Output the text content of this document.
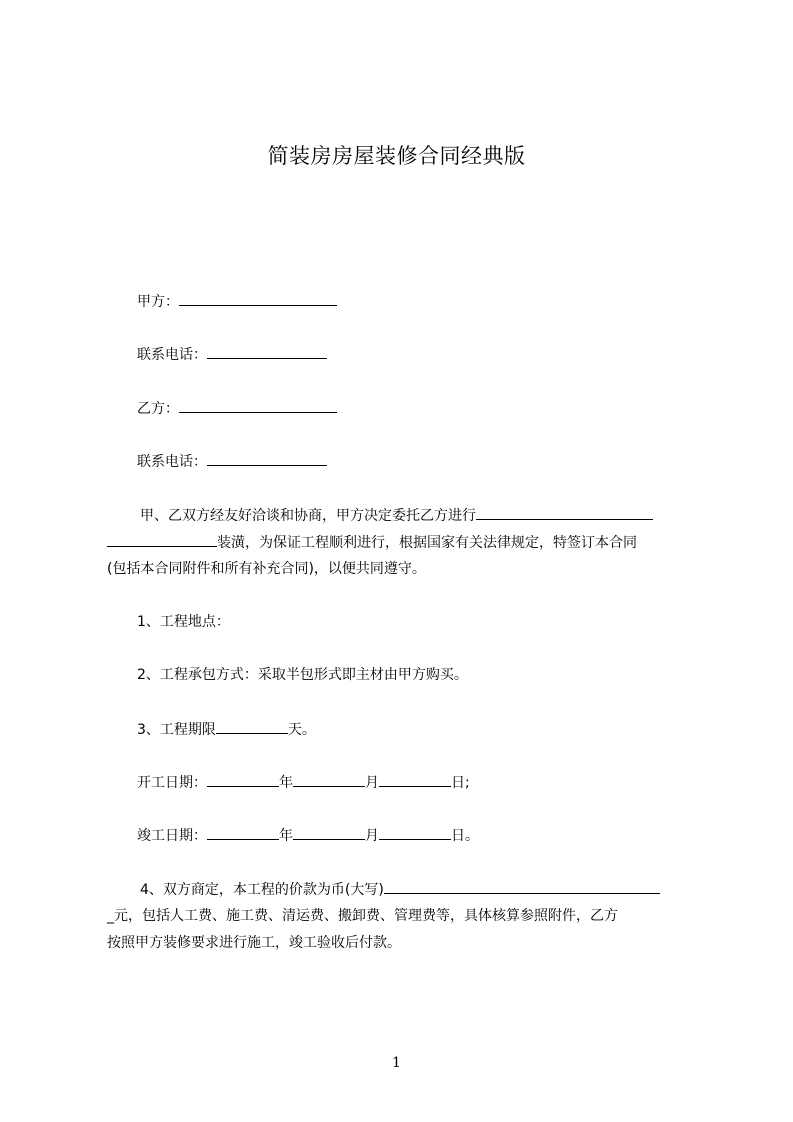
简装房房屋装修合同经典版
甲方：
联系电话：
乙方：
联系电话：
甲、乙双方经友好洽谈和协商，甲方决定委托乙方进行
装潢，为保证工程顺利进行，根据国家有关法律规定，特签订本合同
(包括本合同附件和所有补充合同)，以便共同遵守。
1、工程地点：
2、工程承包方式：采取半包形式即主材由甲方购买。
3、工程期限	天。
开工日期：	年	月	日;
竣工日期：	年	月	日。
4、双方商定，本工程的价款为币(大写)
_元，包括人工费、施工费、清运费、搬卸费、管理费等，具体核算参照附件，乙方
按照甲方装修要求进行施工，竣工验收后付款。
1
